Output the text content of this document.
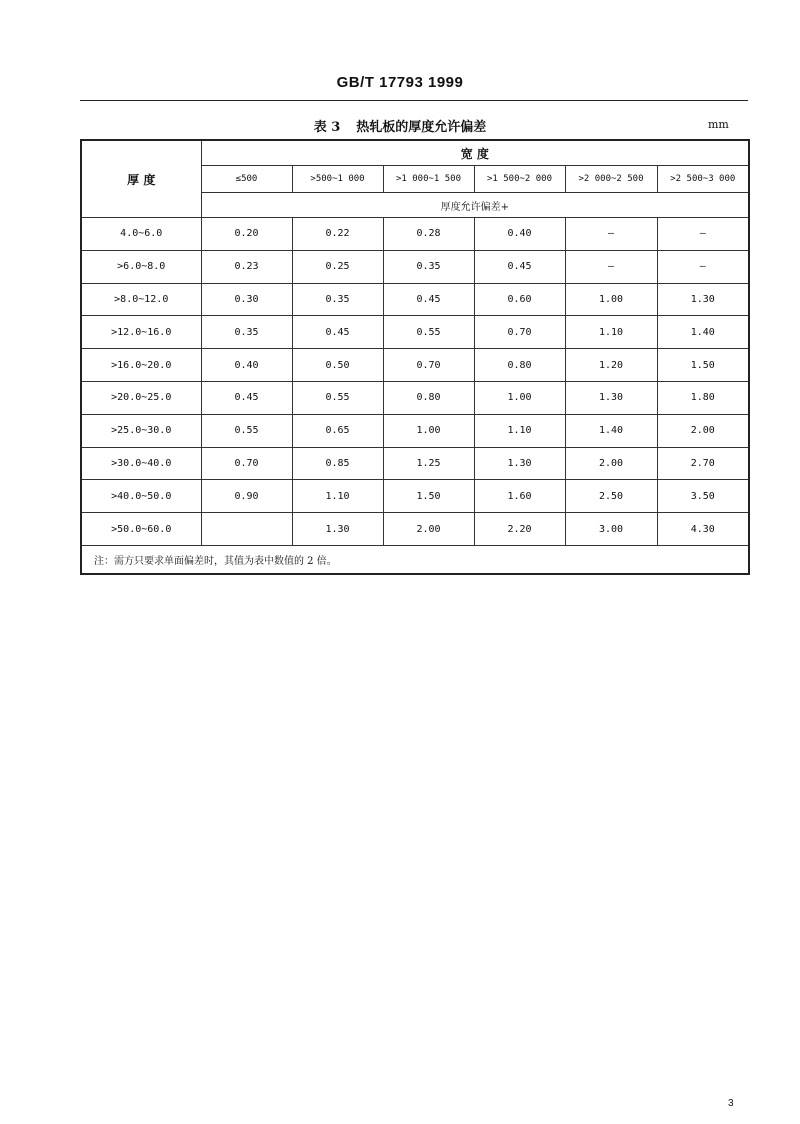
GB/T 17793 1999
表 3 热轧板的厚度允许偏差	mm
厚 度	宽 度					
	≤500	>500~1 000	>1 000~1 500	>1 500~2 000	>2 000~2 500	>2 500~3 000
	厚度允许偏差+					
4.0~6.0	0.20	0.22	0.28	0.40	—	—
>6.0~8.0	0.23	0.25	0.35	0.45	—	—
>8.0~12.0	0.30	0.35	0.45	0.60	1.00	1.30
>12.0~16.0	0.35	0.45	0.55	0.70	1.10	1.40
>16.0~20.0	0.40	0.50	0.70	0.80	1.20	1.50
>20.0~25.0	0.45	0.55	0.80	1.00	1.30	1.80
>25.0~30.0	0.55	0.65	1.00	1.10	1.40	2.00
>30.0~40.0	0.70	0.85	1.25	1.30	2.00	2.70
>40.0~50.0	0.90	1.10	1.50	1.60	2.50	3.50
>50.0~60.0		1.30	2.00	2.20	3.00	4.30
注：需方只要求单面偏差时，其值为表中数值的 2 倍。						
3
